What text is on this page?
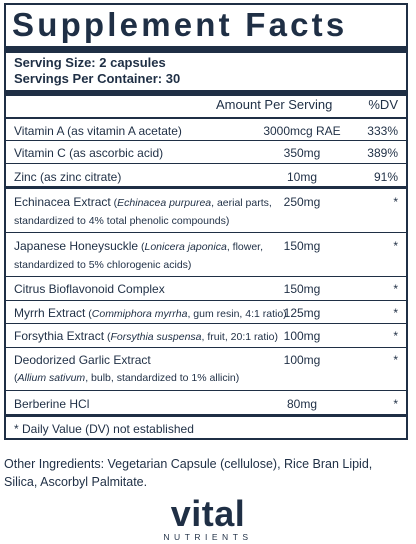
Supplement Facts
Serving Size: 2 capsules
Servings Per Container: 30
Amount Per Serving	%DV
Vitamin A (as vitamin A acetate)	3000mcg RAE	333%
Vitamin C (as ascorbic acid)	350mg	389%
Zinc (as zinc citrate)	10mg	91%
Echinacea Extract (Echinacea purpurea, aerial parts, standardized to 4% total phenolic compounds)
250mg	*
Japanese Honeysuckle (Lonicera japonica, flower, standardized to 5% chlorogenic acids)
150mg	*
Citrus Bioflavonoid Complex	150mg	*
Myrrh Extract (Commiphora myrrha, gum resin, 4:1 ratio)
125mg	*
Forsythia Extract (Forsythia suspensa, fruit, 20:1 ratio) 100mg	*
Deodorized Garlic Extract
(Allium sativum, bulb, standardized to 1% allicin)
100mg	*
Berberine HCl	80mg	*
* Daily Value (DV) not established
Other Ingredients: Vegetarian Capsule (cellulose), Rice Bran Lipid, Silica, Ascorbyl Palmitate.
vital
NUTRIENTS
